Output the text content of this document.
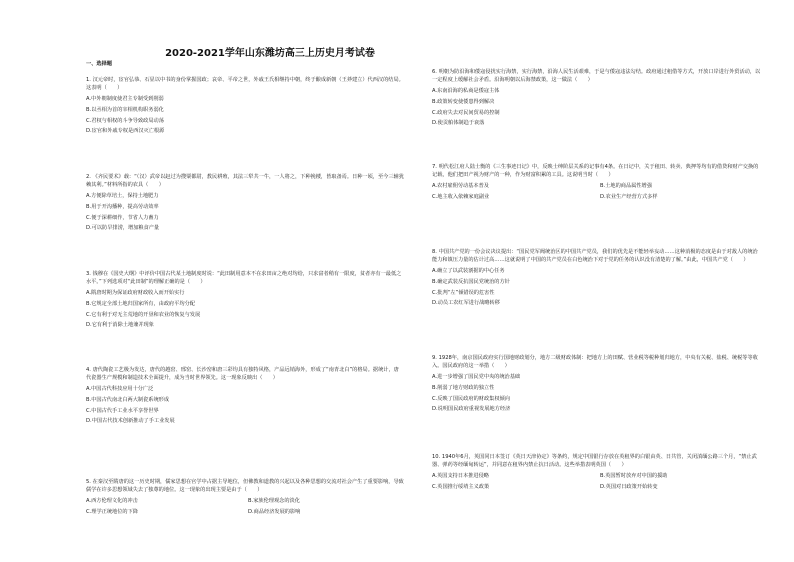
2020-2021学年山东潍坊高三上历史月考试卷
一、选择题

1. 汉元帝时，宦官弘恭、石显以中书的身份掌握国政；哀帝、平帝之世，外戚王氏相继持中朝，终于酿成新朝（王莽建立）代西汉的结局。这表明（　　）

A.中外朝制度使君主专制受到削弱
B.以丞相为首的宰相机构职务弱化
C.君权与相权的斗争导致政局动荡
D.宦官和外戚专权是西汉灭亡根源

2. 《齐民要术》载：“（汉）武帝以赵过为搜粟都尉，教民耕殖，其法三犁共一牛，一人将之，下种挽耧，皆取备焉。日种一顷，至今三辅犹赖其利。”材料所指的农具（　　）

A.方便除草培土，保持土地肥力
B.用于开沟播种，提高劳动效率
C.便于深耕细作，节省人力畜力
D.可以防旱排涝，增加粮食产量

3. 钱穆在《国史大纲》中评价中国古代某土地制度时说：“此田制用意本不在求田亩之绝对均给，只求富者稍有一限度，贫者亦有一最低之水平。”下列选项对“此田制”的理解正确的是（　　）

A.隋唐时期为保证政府财政收入而开始实行
B.它规定全部土地归国家所有，由政府平均分配
C.它有利于对无主荒地的开垦和农业的恢复与发展
D.它有利于消除土地兼并现象

4. 唐代陶瓷工艺极为发达，唐代的越窑、邢窑、长沙窑和唐三彩均具有独特风格，产品远销海外，形成了“南青北白”的格局。据统计，唐代瓷器生产规模和制造技术全面提升，成为当时世界领先。这一现象反映出（　　）

A.中国古代科技应用十分广泛
B.中国古代南北白两大制瓷系统形成
C.中国古代手工业水平享誉世界
D.中国古代技术创新推动了手工业发展

5. 在秦汉至隋唐的这一历史时期，儒家思想在官学中占据主导地位，但佛教和道教的兴起以及各种思想的交流对社会产生了重要影响，导致儒学在许多思想领域失去了独尊的地位。这一现象的出现主要是由于（　　）

A.西方伦理文化的冲击	B.家族伦理观念的淡化
C.理学正统地位的下降	D.商品经济发展的影响

6. 明朝为防沿海和倭寇侵扰实行海禁，实行海禁，沿海人民生活艰难，于是与倭寇违法勾结。政府通过租借等方式，开放口岸进行外贸活动，以一定程度上缓解社会矛盾。沿海明朝以后海禁政策，这一做法（　　）

A.东南沿海的私商是倭寇主体
B.政策转变使倭患得到解决
C.政府失去对民间贸易的控制
D.使贡舶体制趋于衰落

7. 明代松江府人陆士衡的《三生事迹日记》中，反映士绅阶层关系的记事有4条。在日记中，关于租田、转卖、典押等均有的借贷和财产交换的记载，他们把田产视为财产的一种，作为财富积累的工具。这说明当时（　　）

A.农村雇佣劳动基本普及	B.土地的商品属性增强
C.地主收入依赖家庭副业	D.农业生产经营方式多样

8. 中国共产党的一份会议决议提出：“国民党军阀统治区的中国共产党员，我们的优先是不能轻举妄动……这种消极的态度是由于对敌人的统治能力和镇压力量的估计过高……这就说明了中国的共产党员在白色统治下对于党的任务的认识没有清楚的了解。”由此，中国共产党（　　）

A.确立了以武装割据的中心任务
B.确定武装反抗国民党统治的方针
C.批判“左”倾错误的危害性
D.动员工农红军进行战略转移

9. 1928年，南京国民政府实行国地财政划分，地方二级财政体制：把地方上的田赋、营业税等税种划归地方，中央有关税、盐税、统税等等收入。国民政府的这一举措（　　）

A.进一步增强了国民党中央的统治基础
B.削弱了地方财政的独立性
C.反映了国民政府的财政集权倾向
D.说明国民政府重视发展地方经济

10. 1940年6月，英国同日本签订《英日天津协定》等条约，规定中国银行存放在英租界的白银由英、日共管，关闭滇缅公路三个月，“禁止武器、弹药等经缅甸转运”，并同意在租界内禁止抗日活动。这些举措表明英国（　　）

A.英国支持日本推进侵略	B.英国暂时放弃对中国的援助
C.英国推行绥靖主义政策	D.英国对日政策开始转变
